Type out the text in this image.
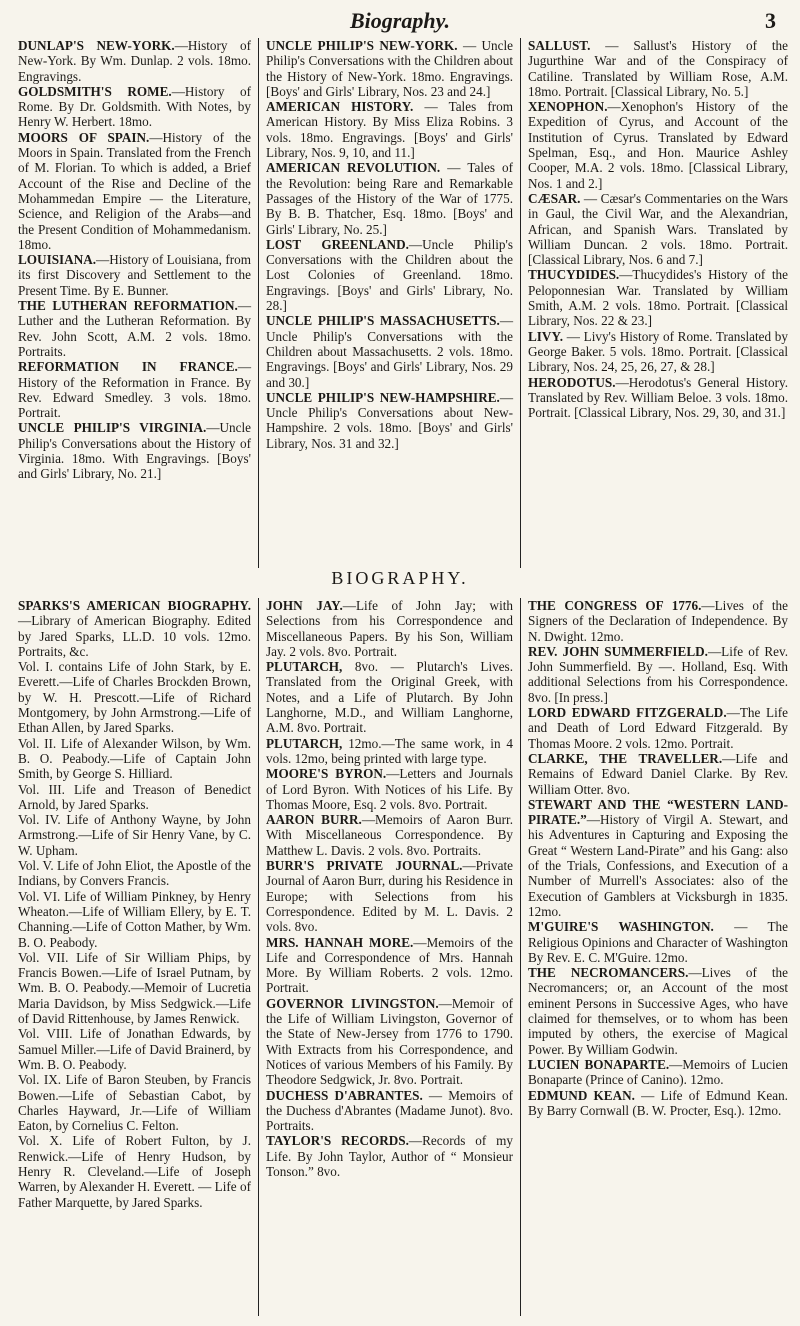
Biography.	3

DUNLAP'S NEW-YORK.—History of New-York. By Wm. Dunlap. 2 vols. 18mo. Engravings.

GOLDSMITH'S ROME.—History of Rome. By Dr. Goldsmith. With Notes, by Henry W. Herbert. 18mo.

MOORS OF SPAIN.—History of the Moors in Spain. Translated from the French of M. Florian. To which is added, a Brief Account of the Rise and Decline of the Mohammedan Empire — the Literature, Science, and Religion of the Arabs—and the Present Condition of Mohammedanism. 18mo.

LOUISIANA.—History of Louisiana, from its first Discovery and Settlement to the Present Time. By E. Bunner.

THE LUTHERAN REFORMATION.—Luther and the Lutheran Reformation. By Rev. John Scott, A.M. 2 vols. 18mo. Portraits.

REFORMATION IN FRANCE.—History of the Reformation in France. By Rev. Edward Smedley. 3 vols. 18mo. Portrait.

UNCLE PHILIP'S VIRGINIA.—Uncle Philip's Conversations about the History of Virginia. 18mo. With Engravings. [Boys' and Girls' Library, No. 21.]

UNCLE PHILIP'S NEW-YORK. — Uncle Philip's Conversations with the Children about the History of New-York. 18mo. Engravings. [Boys' and Girls' Library, Nos. 23 and 24.]

AMERICAN HISTORY. — Tales from American History. By Miss Eliza Robins. 3 vols. 18mo. Engravings. [Boys' and Girls' Library, Nos. 9, 10, and 11.]

AMERICAN REVOLUTION. — Tales of the Revolution: being Rare and Remarkable Passages of the History of the War of 1775. By B. B. Thatcher, Esq. 18mo. [Boys' and Girls' Library, No. 25.]

LOST GREENLAND.—Uncle Philip's Conversations with the Children about the Lost Colonies of Greenland. 18mo. Engravings. [Boys' and Girls' Library, No. 28.]

UNCLE PHILIP'S MASSACHUSETTS.—Uncle Philip's Conversations with the Children about Massachusetts. 2 vols. 18mo. Engravings. [Boys' and Girls' Library, Nos. 29 and 30.]

UNCLE PHILIP'S NEW-HAMPSHIRE.—Uncle Philip's Conversations about New-Hampshire. 2 vols. 18mo. [Boys' and Girls' Library, Nos. 31 and 32.]

SALLUST. — Sallust's History of the Jugurthine War and of the Conspiracy of Catiline. Translated by William Rose, A.M. 18mo. Portrait. [Classical Library, No. 5.]

XENOPHON.—Xenophon's History of the Expedition of Cyrus, and Account of the Institution of Cyrus. Translated by Edward Spelman, Esq., and Hon. Maurice Ashley Cooper, M.A. 2 vols. 18mo. [Classical Library, Nos. 1 and 2.]

CÆSAR. — Cæsar's Commentaries on the Wars in Gaul, the Civil War, and the Alexandrian, African, and Spanish Wars. Translated by William Duncan. 2 vols. 18mo. Portrait. [Classical Library, Nos. 6 and 7.]

THUCYDIDES.—Thucydides's History of the Peloponnesian War. Translated by William Smith, A.M. 2 vols. 18mo. Portrait. [Classical Library, Nos. 22 & 23.]

LIVY. — Livy's History of Rome. Translated by George Baker. 5 vols. 18mo. Portrait. [Classical Library, Nos. 24, 25, 26, 27, & 28.]

HERODOTUS.—Herodotus's General History. Translated by Rev. William Beloe. 3 vols. 18mo. Portrait. [Classical Library, Nos. 29, 30, and 31.]

BIOGRAPHY.

SPARKS'S AMERICAN BIOGRAPHY.—Library of American Biography. Edited by Jared Sparks, LL.D. 10 vols. 12mo. Portraits, &c.

Vol. I. contains Life of John Stark, by E. Everett.—Life of Charles Brockden Brown, by W. H. Prescott.—Life of Richard Montgomery, by John Armstrong.—Life of Ethan Allen, by Jared Sparks.

Vol. II. Life of Alexander Wilson, by Wm. B. O. Peabody.—Life of Captain John Smith, by George S. Hilliard.

Vol. III. Life and Treason of Benedict Arnold, by Jared Sparks.

Vol. IV. Life of Anthony Wayne, by John Armstrong.—Life of Sir Henry Vane, by C. W. Upham.

Vol. V. Life of John Eliot, the Apostle of the Indians, by Convers Francis.

Vol. VI. Life of William Pinkney, by Henry Wheaton.—Life of William Ellery, by E. T. Channing.—Life of Cotton Mather, by Wm. B. O. Peabody.

Vol. VII. Life of Sir William Phips, by Francis Bowen.—Life of Israel Putnam, by Wm. B. O. Peabody.—Memoir of Lucretia Maria Davidson, by Miss Sedgwick.—Life of David Rittenhouse, by James Renwick.

Vol. VIII. Life of Jonathan Edwards, by Samuel Miller.—Life of David Brainerd, by Wm. B. O. Peabody.

Vol. IX. Life of Baron Steuben, by Francis Bowen.—Life of Sebastian Cabot, by Charles Hayward, Jr.—Life of William Eaton, by Cornelius C. Felton.

Vol. X. Life of Robert Fulton, by J. Renwick.—Life of Henry Hudson, by Henry R. Cleveland.—Life of Joseph Warren, by Alexander H. Everett. — Life of Father Marquette, by Jared Sparks.

JOHN JAY.—Life of John Jay; with Selections from his Correspondence and Miscellaneous Papers. By his Son, William Jay. 2 vols. 8vo. Portrait.

PLUTARCH, 8vo. — Plutarch's Lives. Translated from the Original Greek, with Notes, and a Life of Plutarch. By John Langhorne, M.D., and William Langhorne, A.M. 8vo. Portrait.

PLUTARCH, 12mo.—The same work, in 4 vols. 12mo, being printed with large type.

MOORE'S BYRON.—Letters and Journals of Lord Byron. With Notices of his Life. By Thomas Moore, Esq. 2 vols. 8vo. Portrait.

AARON BURR.—Memoirs of Aaron Burr. With Miscellaneous Correspondence. By Matthew L. Davis. 2 vols. 8vo. Portraits.

BURR'S PRIVATE JOURNAL.—Private Journal of Aaron Burr, during his Residence in Europe; with Selections from his Correspondence. Edited by M. L. Davis. 2 vols. 8vo.

MRS. HANNAH MORE.—Memoirs of the Life and Correspondence of Mrs. Hannah More. By William Roberts. 2 vols. 12mo. Portrait.

GOVERNOR LIVINGSTON.—Memoir of the Life of William Livingston, Governor of the State of New-Jersey from 1776 to 1790. With Extracts from his Correspondence, and Notices of various Members of his Family. By Theodore Sedgwick, Jr. 8vo. Portrait.

DUCHESS D'ABRANTES. — Memoirs of the Duchess d'Abrantes (Madame Junot). 8vo. Portraits.

TAYLOR'S RECORDS.—Records of my Life. By John Taylor, Author of “ Monsieur Tonson.” 8vo.

THE CONGRESS OF 1776.—Lives of the Signers of the Declaration of Independence. By N. Dwight. 12mo.

REV. JOHN SUMMERFIELD.—Life of Rev. John Summerfield. By —. Holland, Esq. With additional Selections from his Correspondence. 8vo. [In press.]

LORD EDWARD FITZGERALD.—The Life and Death of Lord Edward Fitzgerald. By Thomas Moore. 2 vols. 12mo. Portrait.

CLARKE, THE TRAVELLER.—Life and Remains of Edward Daniel Clarke. By Rev. William Otter. 8vo.

STEWART AND THE “WESTERN LAND-PIRATE.”—History of Virgil A. Stewart, and his Adventures in Capturing and Exposing the Great “ Western Land-Pirate” and his Gang: also of the Trials, Confessions, and Execution of a Number of Murrell's Associates: also of the Execution of Gamblers at Vicksburgh in 1835. 12mo.

M'GUIRE'S WASHINGTON. — The Religious Opinions and Character of Washington By Rev. E. C. M'Guire. 12mo.

THE NECROMANCERS.—Lives of the Necromancers; or, an Account of the most eminent Persons in Successive Ages, who have claimed for themselves, or to whom has been imputed by others, the exercise of Magical Power. By William Godwin.

LUCIEN BONAPARTE.—Memoirs of Lucien Bonaparte (Prince of Canino). 12mo.

EDMUND KEAN. — Life of Edmund Kean. By Barry Cornwall (B. W. Procter, Esq.). 12mo.
